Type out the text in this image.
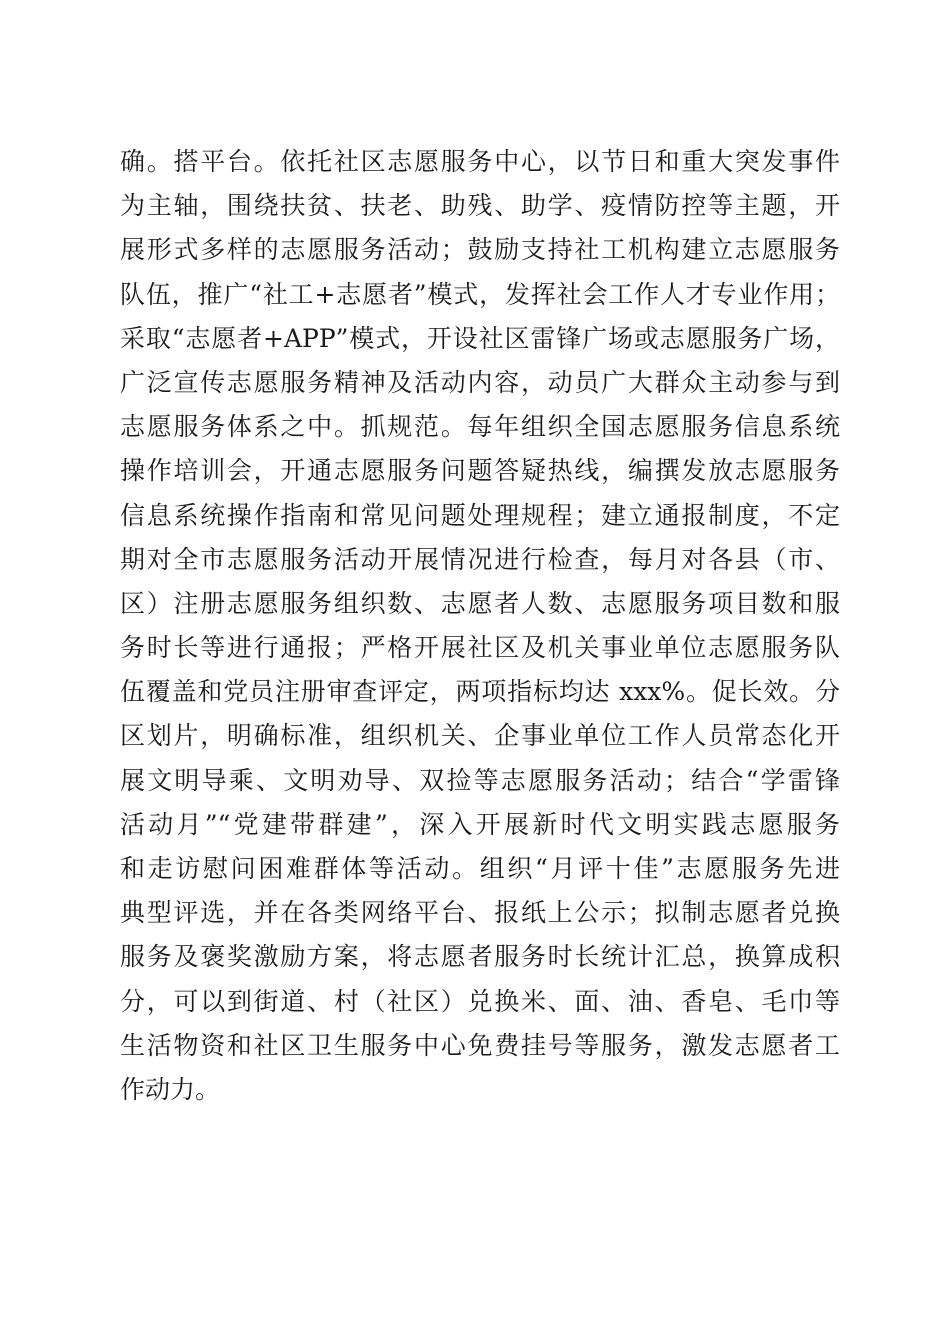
确。搭平台。依托社区志愿服务中心，以节日和重大突发事件
为主轴，围绕扶贫、扶老、助残、助学、疫情防控等主题，开
展形式多样的志愿服务活动；鼓励支持社工机构建立志愿服务
队伍，推广“社工+志愿者”模式，发挥社会工作人才专业作用；
采取“志愿者+APP”模式，开设社区雷锋广场或志愿服务广场，
广泛宣传志愿服务精神及活动内容，动员广大群众主动参与到
志愿服务体系之中。抓规范。每年组织全国志愿服务信息系统
操作培训会，开通志愿服务问题答疑热线，编撰发放志愿服务
信息系统操作指南和常见问题处理规程；建立通报制度，不定
期对全市志愿服务活动开展情况进行检查，每月对各县（市、
区）注册志愿服务组织数、志愿者人数、志愿服务项目数和服
务时长等进行通报；严格开展社区及机关事业单位志愿服务队
伍覆盖和党员注册审查评定，两项指标均达 xxx%。促长效。分
区划片，明确标准，组织机关、企事业单位工作人员常态化开
展文明导乘、文明劝导、双捡等志愿服务活动；结合“学雷锋
活动月”“党建带群建”，深入开展新时代文明实践志愿服务
和走访慰问困难群体等活动。组织“月评十佳”志愿服务先进
典型评选，并在各类网络平台、报纸上公示；拟制志愿者兑换
服务及褒奖激励方案，将志愿者服务时长统计汇总，换算成积
分，可以到街道、村（社区）兑换米、面、油、香皂、毛巾等
生活物资和社区卫生服务中心免费挂号等服务，激发志愿者工
作动力。
